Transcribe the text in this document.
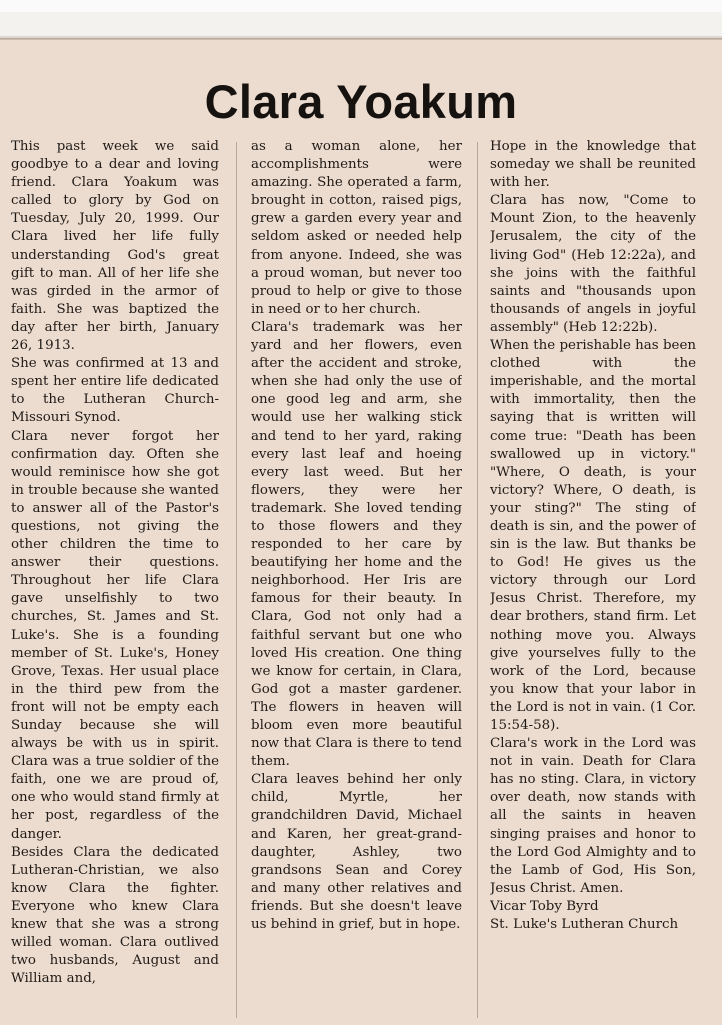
Clara Yoakum

This past week we said goodbye to a dear and loving friend. Clara Yoakum was called to glory by God on Tuesday, July 20, 1999. Our Clara lived her life fully understanding God's great gift to man. All of her life she was girded in the armor of faith. She was baptized the day after her birth, January 26, 1913.

She was confirmed at 13 and spent her entire life dedicated to the Lutheran Church-Missouri Synod.

Clara never forgot her confirmation day. Often she would reminisce how she got in trouble because she wanted to answer all of the Pastor's questions, not giving the other children the time to answer their questions. Throughout her life Clara gave unselfishly to two churches, St. James and St. Luke's. She is a founding member of St. Luke's, Honey Grove, Texas. Her usual place in the third pew from the front will not be empty each Sunday because she will always be with us in spirit. Clara was a true soldier of the faith, one we are proud of, one who would stand firmly at her post, regardless of the danger.

Besides Clara the dedicated Lutheran-Christian, we also know Clara the fighter. Everyone who knew Clara knew that she was a strong willed woman. Clara outlived two husbands, August and William and,

as a woman alone, her accomplishments were amazing. She operated a farm, brought in cotton, raised pigs, grew a garden every year and seldom asked or needed help from anyone. Indeed, she was a proud woman, but never too proud to help or give to those in need or to her church.

Clara's trademark was her yard and her flowers, even after the accident and stroke, when she had only the use of one good leg and arm, she would use her walking stick and tend to her yard, raking every last leaf and hoeing every last weed. But her flowers, they were her trademark. She loved tending to those flowers and they responded to her care by beautifying her home and the neighborhood. Her Iris are famous for their beauty. In Clara, God not only had a faithful servant but one who loved His creation. One thing we know for certain, in Clara, God got a master gardener. The flowers in heaven will bloom even more beautiful now that Clara is there to tend them.

Clara leaves behind her only child, Myrtle, her grandchildren David, Michael and Karen, her great-grand-daughter, Ashley, two grandsons Sean and Corey and many other relatives and friends. But she doesn't leave us behind in grief, but in hope.

Hope in the knowledge that someday we shall be reunited with her.

Clara has now, "Come to Mount Zion, to the heavenly Jerusalem, the city of the living God" (Heb 12:22a), and she joins with the faithful saints and "thousands upon thousands of angels in joyful assembly" (Heb 12:22b).

When the perishable has been clothed with the imperishable, and the mortal with immortality, then the saying that is written will come true: "Death has been swallowed up in victory." "Where, O death, is your victory? Where, O death, is your sting?" The sting of death is sin, and the power of sin is the law. But thanks be to God! He gives us the victory through our Lord Jesus Christ. Therefore, my dear brothers, stand firm. Let nothing move you. Always give yourselves fully to the work of the Lord, because you know that your labor in the Lord is not in vain. (1 Cor. 15:54-58).

Clara's work in the Lord was not in vain. Death for Clara has no sting. Clara, in victory over death, now stands with all the saints in heaven singing praises and honor to the Lord God Almighty and to the Lamb of God, His Son, Jesus Christ. Amen.

Vicar Toby Byrd

St. Luke's Lutheran Church
